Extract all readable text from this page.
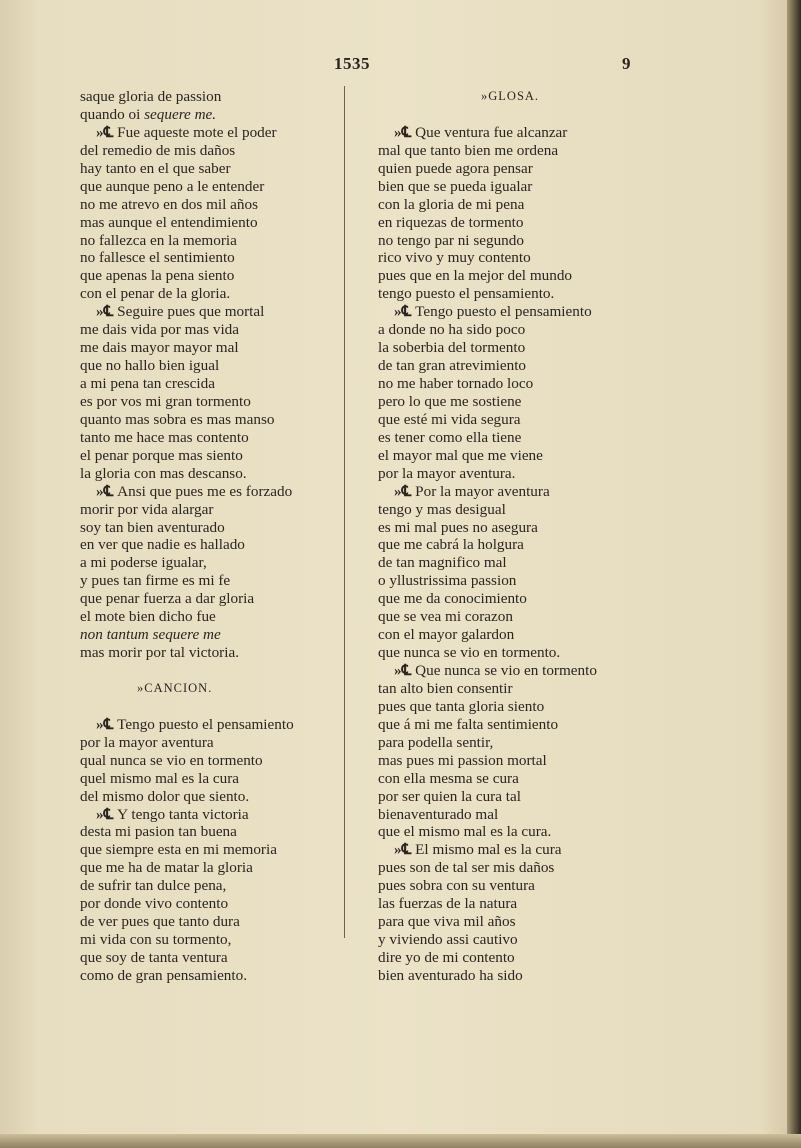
1535	9
saque gloria de passion
quando oi sequere me.
»℄ Fue aqueste mote el poder
del remedio de mis daños
hay tanto en el que saber
que aunque peno a le entender
no me atrevo en dos mil años
mas aunque el entendimiento
no fallezca en la memoria
no fallesce el sentimiento
que apenas la pena siento
con el penar de la gloria.
»℄ Seguire pues que mortal
me dais vida por mas vida
me dais mayor mayor mal
que no hallo bien igual
a mi pena tan crescida
es por vos mi gran tormento
quanto mas sobra es mas manso
tanto me hace mas contento
el penar porque mas siento
la gloria con mas descanso.
»℄ Ansi que pues me es forzado
morir por vida alargar
soy tan bien aventurado
en ver que nadie es hallado
a mi poderse igualar,
y pues tan firme es mi fe
que penar fuerza a dar gloria
el mote bien dicho fue
non tantum sequere me
mas morir por tal victoria.
»CANCION.
»℄ Tengo puesto el pensamiento
por la mayor aventura
qual nunca se vio en tormento
quel mismo mal es la cura
del mismo dolor que siento.
»℄ Y tengo tanta victoria
desta mi pasion tan buena
que siempre esta en mi memoria
que me ha de matar la gloria
de sufrir tan dulce pena,
por donde vivo contento
de ver pues que tanto dura
mi vida con su tormento,
que soy de tanta ventura
como de gran pensamiento.
»GLOSA.
»℄ Que ventura fue alcanzar
mal que tanto bien me ordena
quien puede agora pensar
bien que se pueda igualar
con la gloria de mi pena
en riquezas de tormento
no tengo par ni segundo
rico vivo y muy contento
pues que en la mejor del mundo
tengo puesto el pensamiento.
»℄ Tengo puesto el pensamiento
a donde no ha sido poco
la soberbia del tormento
de tan gran atrevimiento
no me haber tornado loco
pero lo que me sostiene
que esté mi vida segura
es tener como ella tiene
el mayor mal que me viene
por la mayor aventura.
»℄ Por la mayor aventura
tengo y mas desigual
es mi mal pues no asegura
que me cabrá la holgura
de tan magnifico mal
o yllustrissima passion
que me da conocimiento
que se vea mi corazon
con el mayor galardon
que nunca se vio en tormento.
»℄ Que nunca se vio en tormento
tan alto bien consentir
pues que tanta gloria siento
que á mi me falta sentimiento
para podella sentir,
mas pues mi passion mortal
con ella mesma se cura
por ser quien la cura tal
bienaventurado mal
que el mismo mal es la cura.
»℄ El mismo mal es la cura
pues son de tal ser mis daños
pues sobra con su ventura
las fuerzas de la natura
para que viva mil años
y viviendo assi cautivo
dire yo de mi contento
bien aventurado ha sido
